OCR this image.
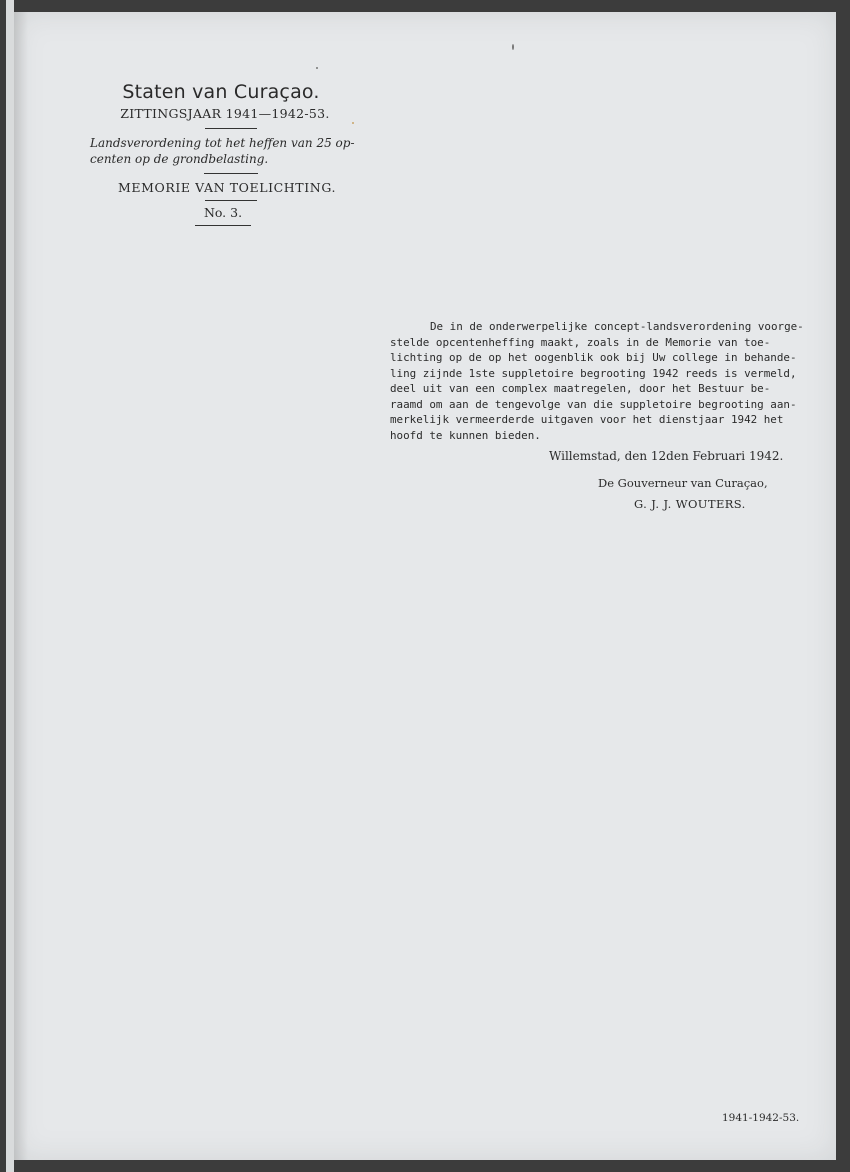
Staten van Curaçao.
ZITTINGSJAAR 1941—1942-53.
Landsverordening tot het heffen van 25 op-
centen op de grondbelasting.
MEMORIE VAN TOELICHTING.
No. 3.
De in de onderwerpelijke concept-landsverordening voorge-
stelde opcentenheffing maakt, zoals in de Memorie van toe-
lichting op de op het oogenblik ook bij Uw college in behande-
ling zijnde 1ste suppletoire begrooting 1942 reeds is vermeld,
deel uit van een complex maatregelen, door het Bestuur be-
raamd om aan de tengevolge van die suppletoire begrooting aan-
merkelijk vermeerderde uitgaven voor het dienstjaar 1942 het
hoofd te kunnen bieden.
Willemstad, den 12den Februari 1942.
De Gouverneur van Curaçao,
G. J. J. WOUTERS.
1941-1942-53.
